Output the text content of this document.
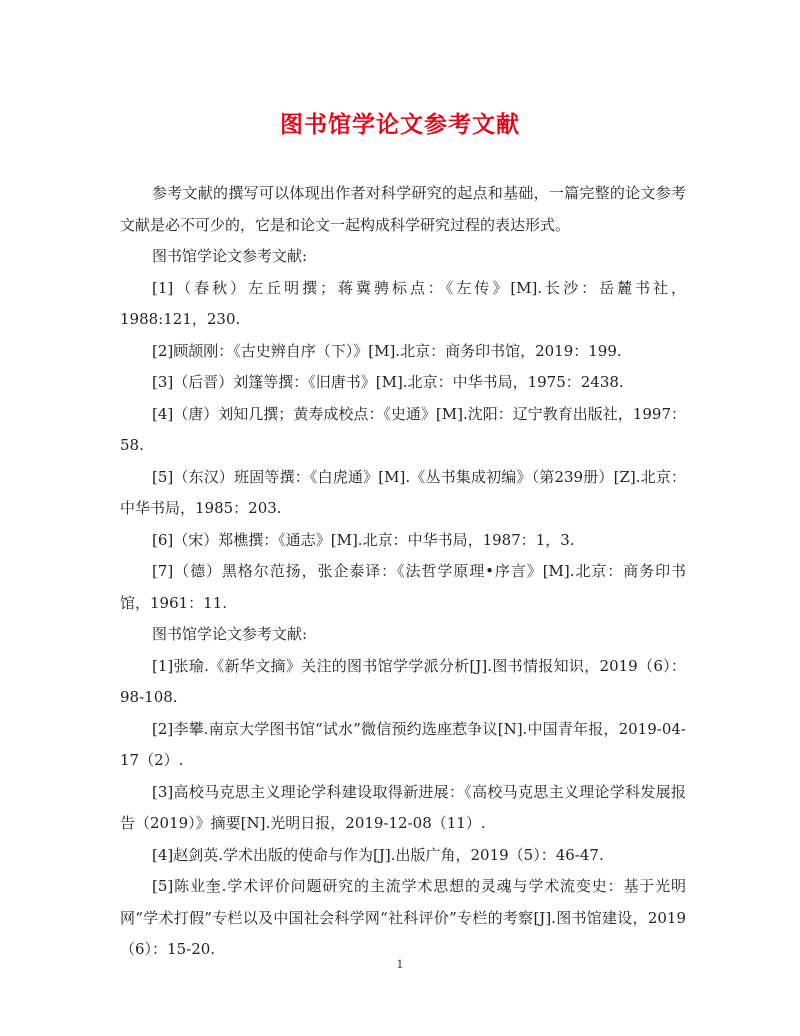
图书馆学论文参考文献

参考文献的撰写可以体现出作者对科学研究的起点和基础，一篇完整的论文参考文献是必不可少的，它是和论文一起构成科学研究过程的表达形式。

图书馆学论文参考文献:

[1]（春秋）左丘明撰；蒋冀骋标点：《左传》[M].长沙：岳麓书社，1988:121，230.

[2]顾颉刚：《古史辨自序（下）》[M].北京：商务印书馆，2019：199.

[3]（后晋）刘篷等撰：《旧唐书》[M].北京：中华书局，1975：2438.

[4]（唐）刘知几撰；黄寿成校点：《史通》[M].沈阳：辽宁教育出版社，1997：58.

[5]（东汉）班固等撰：《白虎通》[M].《丛书集成初编》（第239册）[Z].北京：中华书局，1985：203.

[6]（宋）郑樵撰：《通志》[M].北京：中华书局，1987：1，3.

[7]（德）黑格尔范扬，张企泰译：《法哲学原理•序言》[M].北京：商务印书馆，1961：11.

图书馆学论文参考文献:

[1]张瑜.《新华文摘》关注的图书馆学学派分析[J].图书情报知识，2019（6）：98-108.

[2]李攀.南京大学图书馆“试水”微信预约选座惹争议[N].中国青年报，2019-04-17（2）.

[3]高校马克思主义理论学科建设取得新进展：《高校马克思主义理论学科发展报告（2019）》摘要[N].光明日报，2019-12-08（11）.

[4]赵剑英.学术出版的使命与作为[J].出版广角，2019（5）：46-47.

[5]陈业奎.学术评价问题研究的主流学术思想的灵魂与学术流变史：基于光明网“学术打假”专栏以及中国社会科学网“社科评价”专栏的考察[J].图书馆建设，2019（6）：15-20.

1
